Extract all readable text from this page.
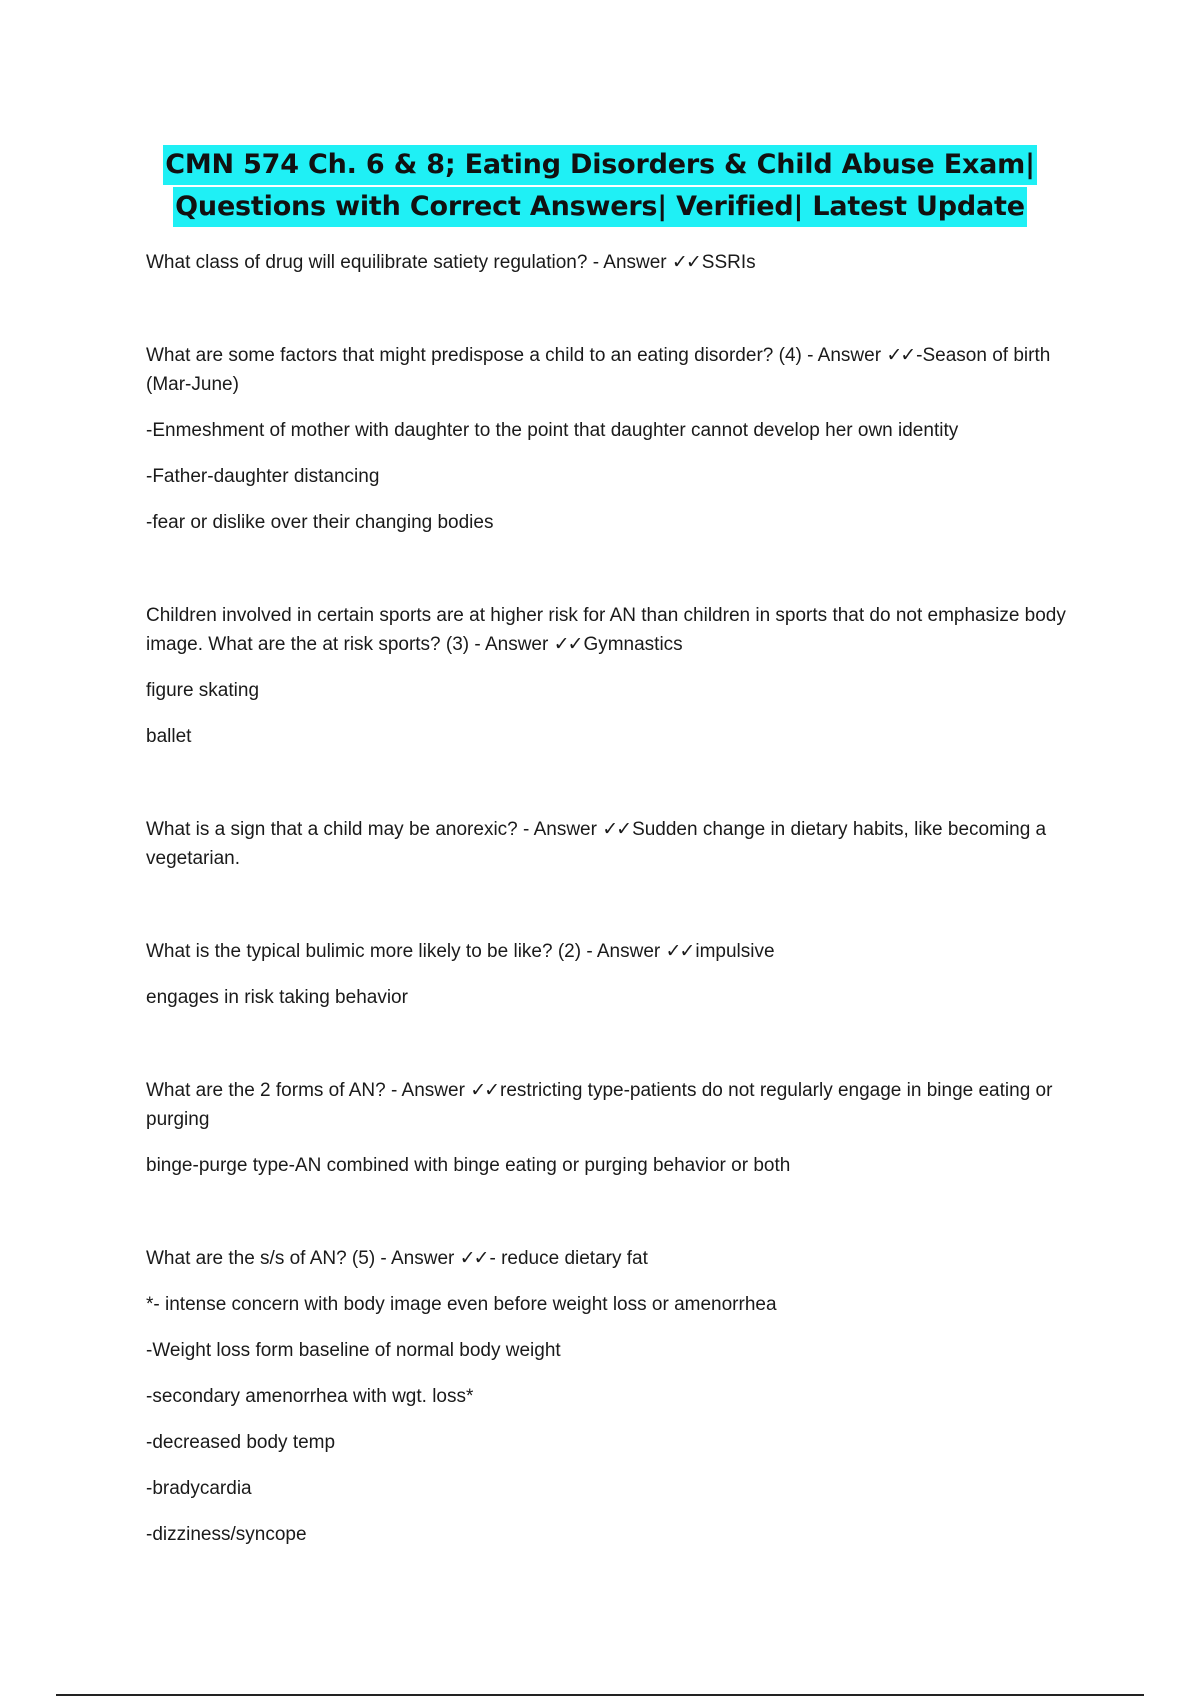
CMN 574 Ch. 6 & 8; Eating Disorders & Child Abuse Exam|
Questions with Correct Answers| Verified| Latest Update

What class of drug will equilibrate satiety regulation? - Answer ✓✓ SSRIs

What are some factors that might predispose a child to an eating disorder? (4) - Answer ✓✓ -Season of birth (Mar-June)

-Enmeshment of mother with daughter to the point that daughter cannot develop her own identity

-Father-daughter distancing

-fear or dislike over their changing bodies

Children involved in certain sports are at higher risk for AN than children in sports that do not emphasize body image. What are the at risk sports? (3) - Answer ✓✓ Gymnastics

figure skating

ballet

What is a sign that a child may be anorexic? - Answer ✓✓ Sudden change in dietary habits, like becoming a vegetarian.

What is the typical bulimic more likely to be like? (2) - Answer ✓✓ impulsive

engages in risk taking behavior

What are the 2 forms of AN? - Answer ✓✓ restricting type-patients do not regularly engage in binge eating or purging

binge-purge type-AN combined with binge eating or purging behavior or both

What are the s/s of AN? (5) - Answer ✓✓ - reduce dietary fat

*- intense concern with body image even before weight loss or amenorrhea

-Weight loss form baseline of normal body weight

-secondary amenorrhea with wgt. loss*

-decreased body temp

-bradycardia

-dizziness/syncope
